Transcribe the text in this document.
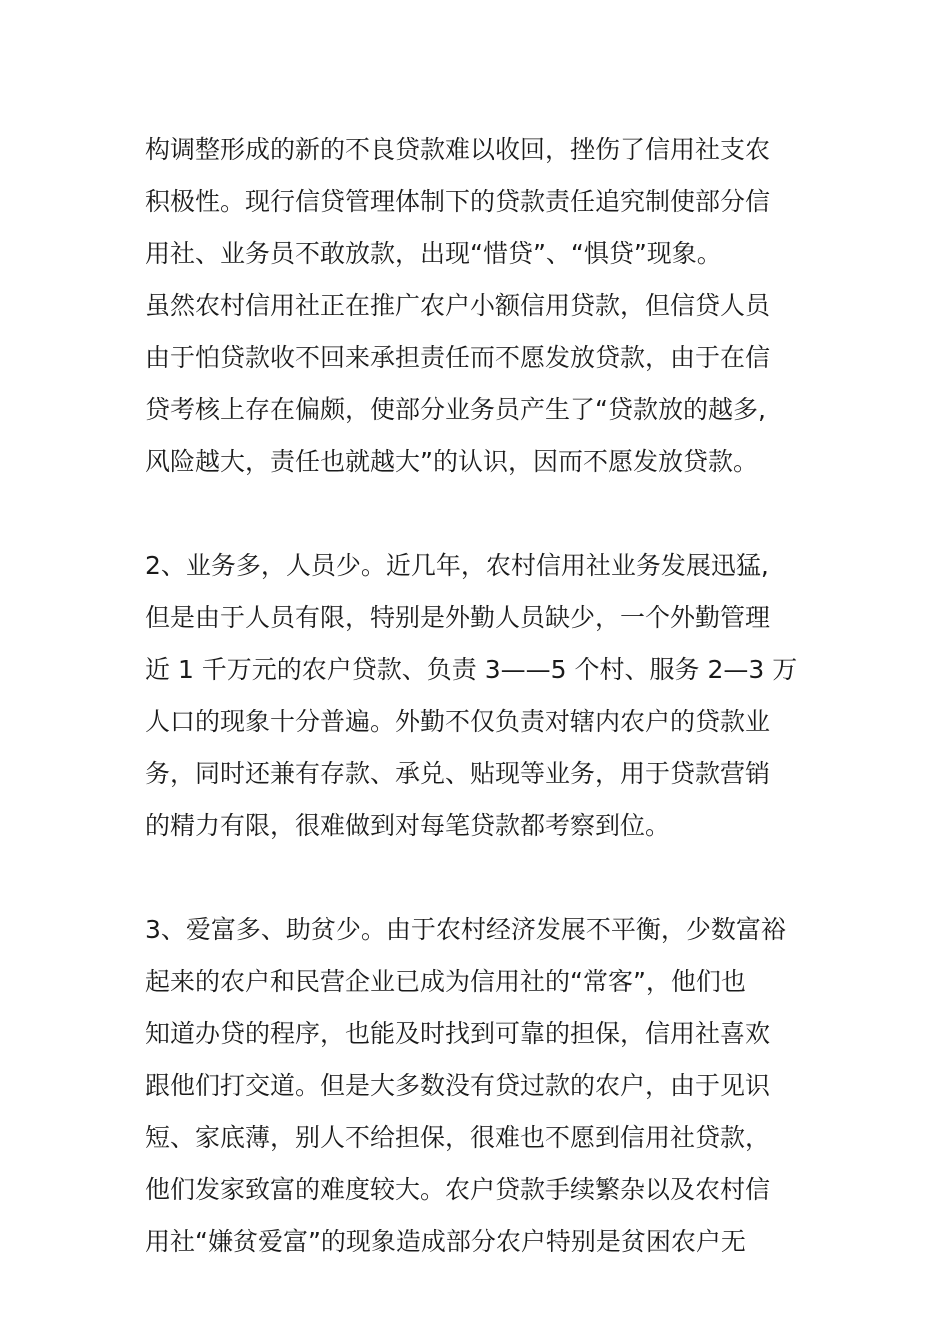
构调整形成的新的不良贷款难以收回，挫伤了信用社支农
积极性。现行信贷管理体制下的贷款责任追究制使部分信
用社、业务员不敢放款，出现“惜贷”、“惧贷”现象。
虽然农村信用社正在推广农户小额信用贷款，但信贷人员
由于怕贷款收不回来承担责任而不愿发放贷款，由于在信
贷考核上存在偏颇，使部分业务员产生了“贷款放的越多,
风险越大，责任也就越大”的认识，因而不愿发放贷款。
2、业务多，人员少。近几年，农村信用社业务发展迅猛,
但是由于人员有限，特别是外勤人员缺少，一个外勤管理
近 1 千万元的农户贷款、负责 3——5 个村、服务 2—3 万
人口的现象十分普遍。外勤不仅负责对辖内农户的贷款业
务，同时还兼有存款、承兑、贴现等业务，用于贷款营销
的精力有限，很难做到对每笔贷款都考察到位。
3、爱富多、助贫少。由于农村经济发展不平衡，少数富裕
起来的农户和民营企业已成为信用社的“常客”，他们也
知道办贷的程序，也能及时找到可靠的担保，信用社喜欢
跟他们打交道。但是大多数没有贷过款的农户，由于见识
短、家底薄，别人不给担保，很难也不愿到信用社贷款，
他们发家致富的难度较大。农户贷款手续繁杂以及农村信
用社“嫌贫爱富”的现象造成部分农户特别是贫困农户无
